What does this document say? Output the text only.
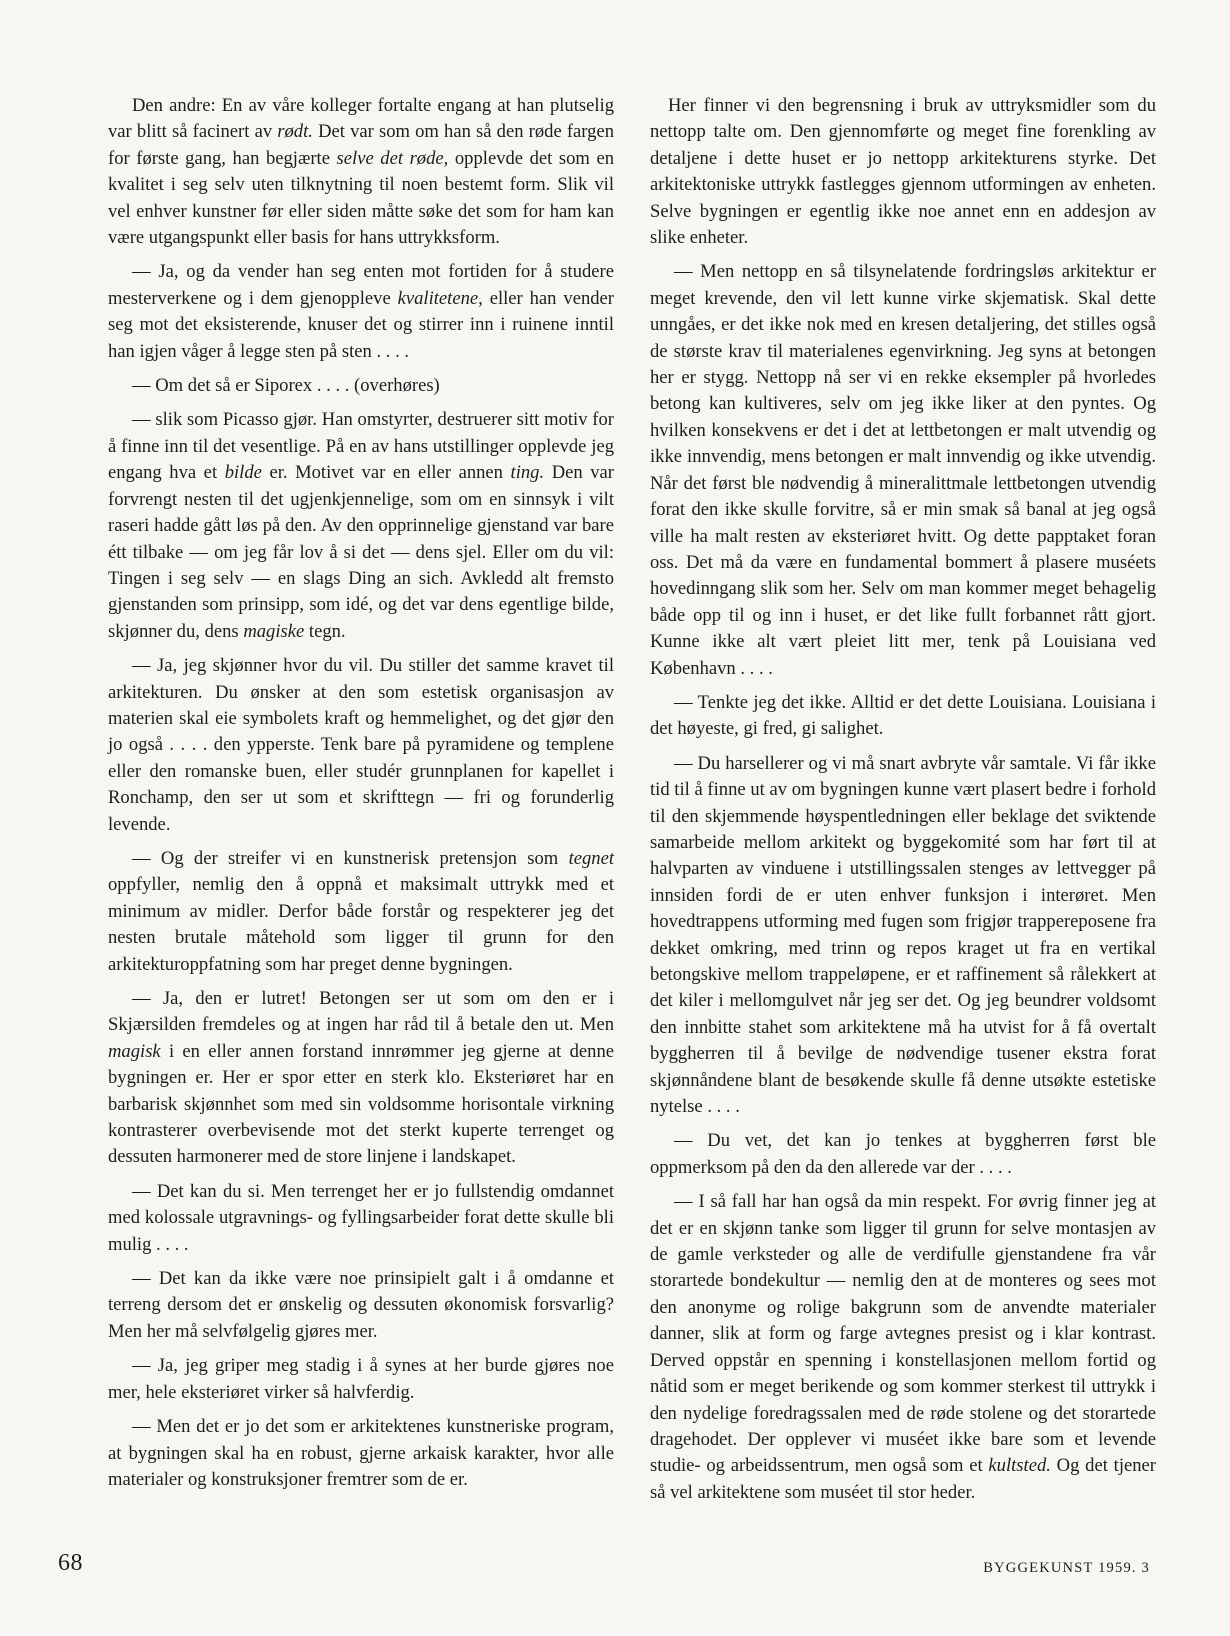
Den andre: En av våre kolleger fortalte engang at han plutselig var blitt så facinert av rødt. Det var som om han så den røde fargen for første gang, han begjærte selve det røde, opplevde det som en kvalitet i seg selv uten tilknytning til noen bestemt form. Slik vil vel enhver kunstner før eller siden måtte søke det som for ham kan være utgangspunkt eller basis for hans uttrykksform.

— Ja, og da vender han seg enten mot fortiden for å studere mesterverkene og i dem gjenoppleve kvalitetene, eller han vender seg mot det eksisterende, knuser det og stirrer inn i ruinene inntil han igjen våger å legge sten på sten . . . .

— Om det så er Siporex . . . . (overhøres)

— slik som Picasso gjør. Han omstyrter, destruerer sitt motiv for å finne inn til det vesentlige. På en av hans utstillinger opplevde jeg engang hva et bilde er. Motivet var en eller annen ting. Den var forvrengt nesten til det ugjenkjennelige, som om en sinnsyk i vilt raseri hadde gått løs på den. Av den opprinnelige gjenstand var bare étt tilbake — om jeg får lov å si det — dens sjel. Eller om du vil: Tingen i seg selv — en slags Ding an sich. Avkledd alt fremsto gjenstanden som prinsipp, som idé, og det var dens egentlige bilde, skjønner du, dens magiske tegn.

— Ja, jeg skjønner hvor du vil. Du stiller det samme kravet til arkitekturen. Du ønsker at den som estetisk organisasjon av materien skal eie symbolets kraft og hemmelighet, og det gjør den jo også . . . . den ypperste. Tenk bare på pyramidene og templene eller den romanske buen, eller studér grunnplanen for kapellet i Ronchamp, den ser ut som et skrifttegn — fri og forunderlig levende.

— Og der streifer vi en kunstnerisk pretensjon som tegnet oppfyller, nemlig den å oppnå et maksimalt uttrykk med et minimum av midler. Derfor både forstår og respekterer jeg det nesten brutale måtehold som ligger til grunn for den arkitekturoppfatning som har preget denne bygningen.

— Ja, den er lutret! Betongen ser ut som om den er i Skjærsilden fremdeles og at ingen har råd til å betale den ut. Men magisk i en eller annen forstand innrømmer jeg gjerne at denne bygningen er. Her er spor etter en sterk klo. Eksteriøret har en barbarisk skjønnhet som med sin voldsomme horisontale virkning kontrasterer overbevisende mot det sterkt kuperte terrenget og dessuten harmonerer med de store linjene i landskapet.

— Det kan du si. Men terrenget her er jo fullstendig omdannet med kolossale utgravnings- og fyllingsarbeider forat dette skulle bli mulig . . . .

— Det kan da ikke være noe prinsipielt galt i å omdanne et terreng dersom det er ønskelig og dessuten økonomisk forsvarlig? Men her må selvfølgelig gjøres mer.

— Ja, jeg griper meg stadig i å synes at her burde gjøres noe mer, hele eksteriøret virker så halvferdig.

— Men det er jo det som er arkitektenes kunstneriske program, at bygningen skal ha en robust, gjerne arkaisk karakter, hvor alle materialer og konstruksjoner fremtrer som de er.

Her finner vi den begrensning i bruk av uttryksmidler som du nettopp talte om. Den gjennomførte og meget fine forenkling av detaljene i dette huset er jo nettopp arkitekturens styrke. Det arkitektoniske uttrykk fastlegges gjennom utformingen av enheten. Selve bygningen er egentlig ikke noe annet enn en addesjon av slike enheter.

— Men nettopp en så tilsynelatende fordringsløs arkitektur er meget krevende, den vil lett kunne virke skjematisk. Skal dette unngåes, er det ikke nok med en kresen detaljering, det stilles også de største krav til materialenes egenvirkning. Jeg syns at betongen her er stygg. Nettopp nå ser vi en rekke eksempler på hvorledes betong kan kultiveres, selv om jeg ikke liker at den pyntes. Og hvilken konsekvens er det i det at lettbetongen er malt utvendig og ikke innvendig, mens betongen er malt innvendig og ikke utvendig. Når det først ble nødvendig å mineralittmale lettbetongen utvendig forat den ikke skulle forvitre, så er min smak så banal at jeg også ville ha malt resten av eksteriøret hvitt. Og dette papptaket foran oss. Det må da være en fundamental bommert å plasere muséets hovedinngang slik som her. Selv om man kommer meget behagelig både opp til og inn i huset, er det like fullt forbannet rått gjort. Kunne ikke alt vært pleiet litt mer, tenk på Louisiana ved København . . . .

— Tenkte jeg det ikke. Alltid er det dette Louisiana. Louisiana i det høyeste, gi fred, gi salighet.

— Du harsellerer og vi må snart avbryte vår samtale. Vi får ikke tid til å finne ut av om bygningen kunne vært plasert bedre i forhold til den skjemmende høyspentledningen eller beklage det sviktende samarbeide mellom arkitekt og byggekomité som har ført til at halvparten av vinduene i utstillingssalen stenges av lettvegger på innsiden fordi de er uten enhver funksjon i interøret. Men hovedtrappens utforming med fugen som frigjør trappereposene fra dekket omkring, med trinn og repos kraget ut fra en vertikal betongskive mellom trappeløpene, er et raffinement så rålekkert at det kiler i mellomgulvet når jeg ser det. Og jeg beundrer voldsomt den innbitte stahet som arkitektene må ha utvist for å få overtalt byggherren til å bevilge de nødvendige tusener ekstra forat skjønnåndene blant de besøkende skulle få denne utsøkte estetiske nytelse . . . .

— Du vet, det kan jo tenkes at byggherren først ble oppmerksom på den da den allerede var der . . . .

— I så fall har han også da min respekt. For øvrig finner jeg at det er en skjønn tanke som ligger til grunn for selve montasjen av de gamle verksteder og alle de verdifulle gjenstandene fra vår storartede bondekultur — nemlig den at de monteres og sees mot den anonyme og rolige bakgrunn som de anvendte materialer danner, slik at form og farge avtegnes presist og i klar kontrast. Derved oppstår en spenning i konstellasjonen mellom fortid og nåtid som er meget berikende og som kommer sterkest til uttrykk i den nydelige foredragssalen med de røde stolene og det storartede dragehodet. Der opplever vi muséet ikke bare som et levende studie- og arbeidssentrum, men også som et kultsted. Og det tjener så vel arkitektene som muséet til stor heder.

68	BYGGEKUNST 1959. 3
